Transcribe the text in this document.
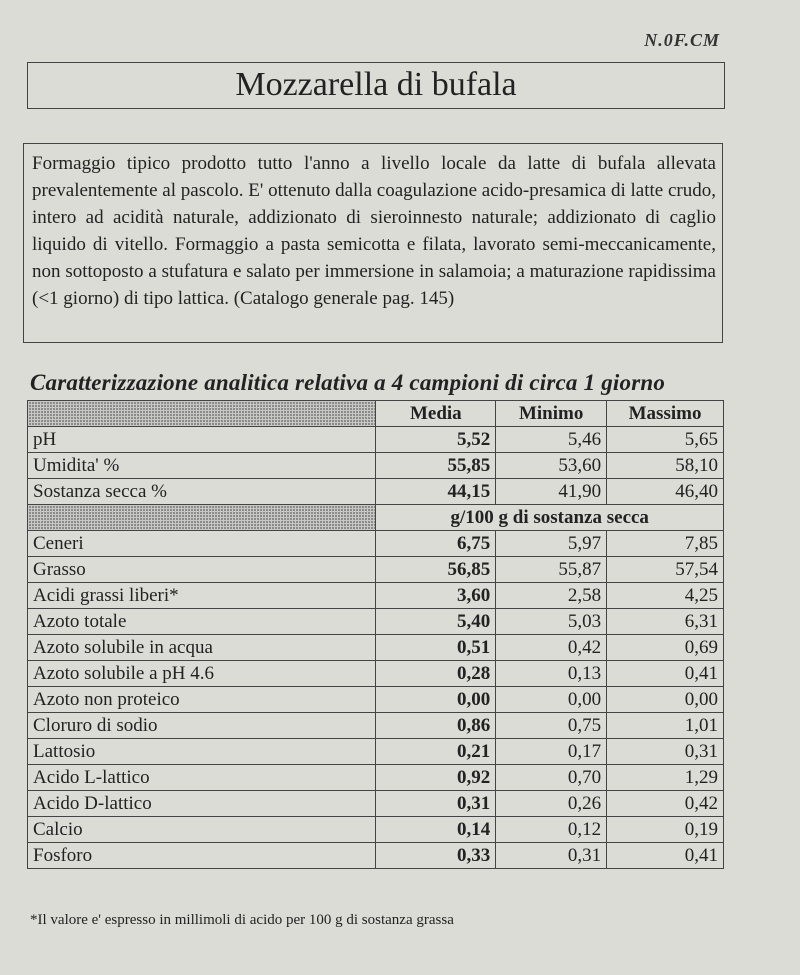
N.0F.CM
Mozzarella di bufala
Formaggio tipico prodotto tutto l'anno a livello locale da latte di bufala allevata prevalentemente al pascolo. E' ottenuto dalla coagulazione acido-presamica di latte crudo, intero ad acidità naturale, addizionato di sieroinnesto naturale; addizionato di caglio liquido di vitello. Formaggio a pasta semicotta e filata, lavorato semi-meccanicamente, non sottoposto a stufatura e salato per immersione in salamoia; a maturazione rapidissima (<1 giorno) di tipo lattica. (Catalogo generale pag. 145)
Caratterizzazione analitica relativa a 4 campioni di circa 1 giorno
	Media	Minimo	Massimo
pH	5,52	5,46	5,65
Umidita' %	55,85	53,60	58,10
Sostanza secca %	44,15	41,90	46,40
	g/100 g di sostanza secca		
Ceneri	6,75	5,97	7,85
Grasso	56,85	55,87	57,54
Acidi grassi liberi*	3,60	2,58	4,25
Azoto totale	5,40	5,03	6,31
Azoto solubile in acqua	0,51	0,42	0,69
Azoto solubile a pH 4.6	0,28	0,13	0,41
Azoto non proteico	0,00	0,00	0,00
Cloruro di sodio	0,86	0,75	1,01
Lattosio	0,21	0,17	0,31
Acido L-lattico	0,92	0,70	1,29
Acido D-lattico	0,31	0,26	0,42
Calcio	0,14	0,12	0,19
Fosforo	0,33	0,31	0,41
*Il valore e' espresso in millimoli di acido per 100 g di sostanza grassa
